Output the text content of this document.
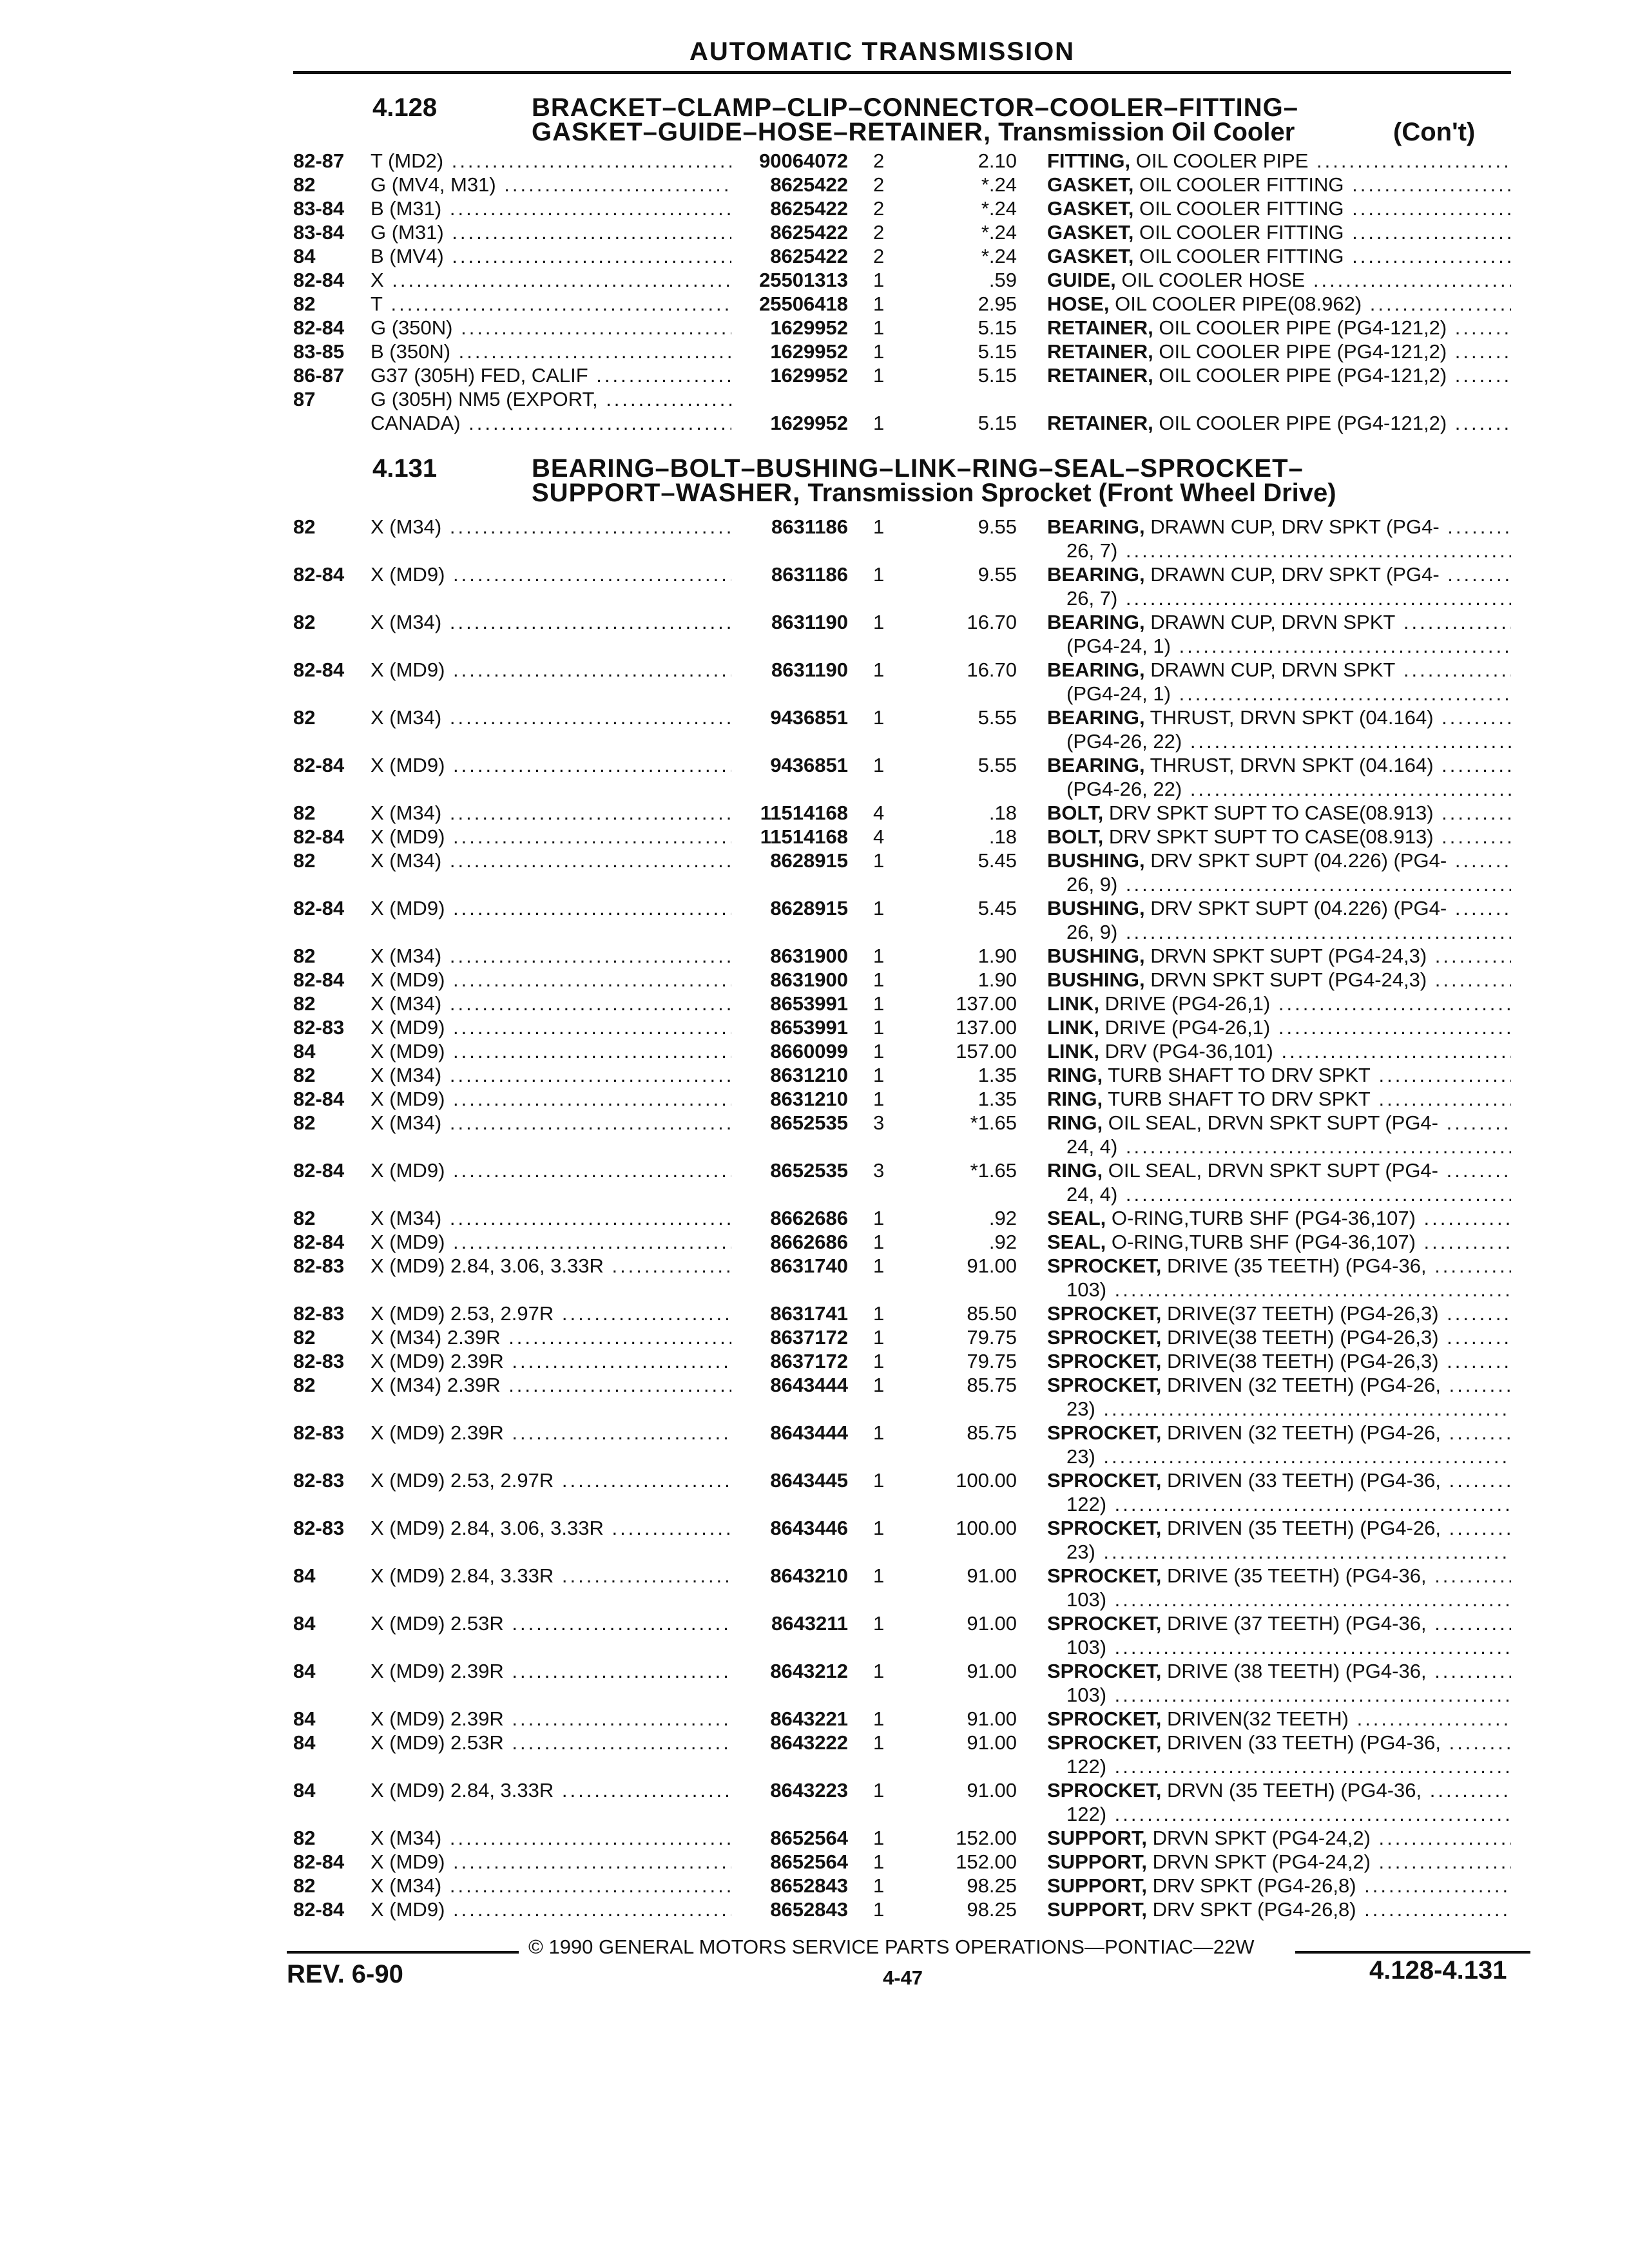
AUTOMATIC TRANSMISSION
4.128	BRACKET–CLAMP–CLIP–CONNECTOR–COOLER–FITTING–
GASKET–GUIDE–HOSE–RETAINER, Transmission Oil Cooler	(Con't)
82-87	T (MD2) .....	90064072 2	2.10 FITTING, OIL COOLER PIPE .....
82	G (MV4, M31) .....	8625422 2	*.24 GASKET, OIL COOLER FITTING .....
83-84	B (M31) .....	8625422 2	*.24 GASKET, OIL COOLER FITTING .....
83-84	G (M31) .....	8625422 2	*.24 GASKET, OIL COOLER FITTING .....
84	B (MV4) .....	8625422 2	*.24 GASKET, OIL COOLER FITTING .....
82-84	X .....	25501313 1	.59 GUIDE, OIL COOLER HOSE .....
82	T .....	25506418 1	2.95 HOSE, OIL COOLER PIPE(08.962) .....
82-84	G (350N) .....	1629952 1	5.15 RETAINER, OIL COOLER PIPE (PG4-121,2) .....
83-85	B (350N) .....	1629952 1	5.15 RETAINER, OIL COOLER PIPE (PG4-121,2) .....
86-87	G37 (305H) FED, CALIF .....	1629952 1	5.15 RETAINER, OIL COOLER PIPE (PG4-121,2) .....
87	G (305H) NM5 (EXPORT, .....
CANADA) .....	1629952 1	5.15 RETAINER, OIL COOLER PIPE (PG4-121,2) .....
4.131	BEARING–BOLT–BUSHING–LINK–RING–SEAL–SPROCKET–
SUPPORT–WASHER, Transmission Sprocket (Front Wheel Drive)
82	X (M34) .....	8631186 1	9.55 BEARING, DRAWN CUP, DRV SPKT (PG4- .....
26, 7) .....
82-84	X (MD9) .....	8631186 1	9.55 BEARING, DRAWN CUP, DRV SPKT (PG4- .....
26, 7) .....
82	X (M34) .....	8631190 1	16.70 BEARING, DRAWN CUP, DRVN SPKT .....
(PG4-24, 1) .....
82-84	X (MD9) .....	8631190 1	16.70 BEARING, DRAWN CUP, DRVN SPKT .....
(PG4-24, 1) .....
82	X (M34) .....	9436851 1	5.55 BEARING, THRUST, DRVN SPKT (04.164) .....
(PG4-26, 22) .....
82-84	X (MD9) .....	9436851 1	5.55 BEARING, THRUST, DRVN SPKT (04.164) .....
(PG4-26, 22) .....
82	X (M34) .....	11514168 4	.18 BOLT, DRV SPKT SUPT TO CASE(08.913) .....
82-84	X (MD9) .....	11514168 4	.18 BOLT, DRV SPKT SUPT TO CASE(08.913) .....
82	X (M34) .....	8628915 1	5.45 BUSHING, DRV SPKT SUPT (04.226) (PG4- .....
26, 9) .....
82-84	X (MD9) .....	8628915 1	5.45 BUSHING, DRV SPKT SUPT (04.226) (PG4- .....
26, 9) .....
82	X (M34) .....	8631900 1	1.90 BUSHING, DRVN SPKT SUPT (PG4-24,3) .....
82-84	X (MD9) .....	8631900 1	1.90 BUSHING, DRVN SPKT SUPT (PG4-24,3) .....
82	X (M34) .....	8653991 1	137.00 LINK, DRIVE (PG4-26,1) .....
82-83	X (MD9) .....	8653991 1	137.00 LINK, DRIVE (PG4-26,1) .....
84	X (MD9) .....	8660099 1	157.00 LINK, DRV (PG4-36,101) .....
82	X (M34) .....	8631210 1	1.35 RING, TURB SHAFT TO DRV SPKT .....
82-84	X (MD9) .....	8631210 1	1.35 RING, TURB SHAFT TO DRV SPKT .....
82	X (M34) .....	8652535 3	*1.65 RING, OIL SEAL, DRVN SPKT SUPT (PG4- .....
24, 4) .....
82-84	X (MD9) .....	8652535 3	*1.65 RING, OIL SEAL, DRVN SPKT SUPT (PG4- .....
24, 4) .....
82	X (M34) .....	8662686 1	.92 SEAL, O-RING,TURB SHF (PG4-36,107) .....
82-84	X (MD9) .....	8662686 1	.92 SEAL, O-RING,TURB SHF (PG4-36,107) .....
82-83	X (MD9) 2.84, 3.06, 3.33R .....	8631740 1	91.00 SPROCKET, DRIVE (35 TEETH) (PG4-36, .....
103) .....
82-83	X (MD9) 2.53, 2.97R .....	8631741 1	85.50 SPROCKET, DRIVE(37 TEETH) (PG4-26,3) .....
82	X (M34) 2.39R .....	8637172 1	79.75 SPROCKET, DRIVE(38 TEETH) (PG4-26,3) .....
82-83	X (MD9) 2.39R .....	8637172 1	79.75 SPROCKET, DRIVE(38 TEETH) (PG4-26,3) .....
82	X (M34) 2.39R .....	8643444 1	85.75 SPROCKET, DRIVEN (32 TEETH) (PG4-26, .....
23) .....
82-83	X (MD9) 2.39R .....	8643444 1	85.75 SPROCKET, DRIVEN (32 TEETH) (PG4-26, .....
23) .....
82-83	X (MD9) 2.53, 2.97R .....	8643445 1	100.00 SPROCKET, DRIVEN (33 TEETH) (PG4-36, .....
122) .....
82-83	X (MD9) 2.84, 3.06, 3.33R .....	8643446 1	100.00 SPROCKET, DRIVEN (35 TEETH) (PG4-26, .....
23) .....
84	X (MD9) 2.84, 3.33R .....	8643210 1	91.00 SPROCKET, DRIVE (35 TEETH) (PG4-36, .....
103) .....
84	X (MD9) 2.53R .....	8643211 1	91.00 SPROCKET, DRIVE (37 TEETH) (PG4-36, .....
103) .....
84	X (MD9) 2.39R .....	8643212 1	91.00 SPROCKET, DRIVE (38 TEETH) (PG4-36, .....
103) .....
84	X (MD9) 2.39R .....	8643221 1	91.00 SPROCKET, DRIVEN(32 TEETH) .....
84	X (MD9) 2.53R .....	8643222 1	91.00 SPROCKET, DRIVEN (33 TEETH) (PG4-36, .....
122) .....
84	X (MD9) 2.84, 3.33R .....	8643223 1	91.00 SPROCKET, DRVN (35 TEETH) (PG4-36, .....
122) .....
82	X (M34) .....	8652564 1	152.00 SUPPORT, DRVN SPKT (PG4-24,2) .....
82-84	X (MD9) .....	8652564 1	152.00 SUPPORT, DRVN SPKT (PG4-24,2) .....
82	X (M34) .....	8652843 1	98.25 SUPPORT, DRV SPKT (PG4-26,8) .....
82-84	X (MD9) .....	8652843 1	98.25 SUPPORT, DRV SPKT (PG4-26,8) .....
© 1990 GENERAL MOTORS SERVICE PARTS OPERATIONS—PONTIAC—22W
REV. 6-90	4-47	4.128-4.131
